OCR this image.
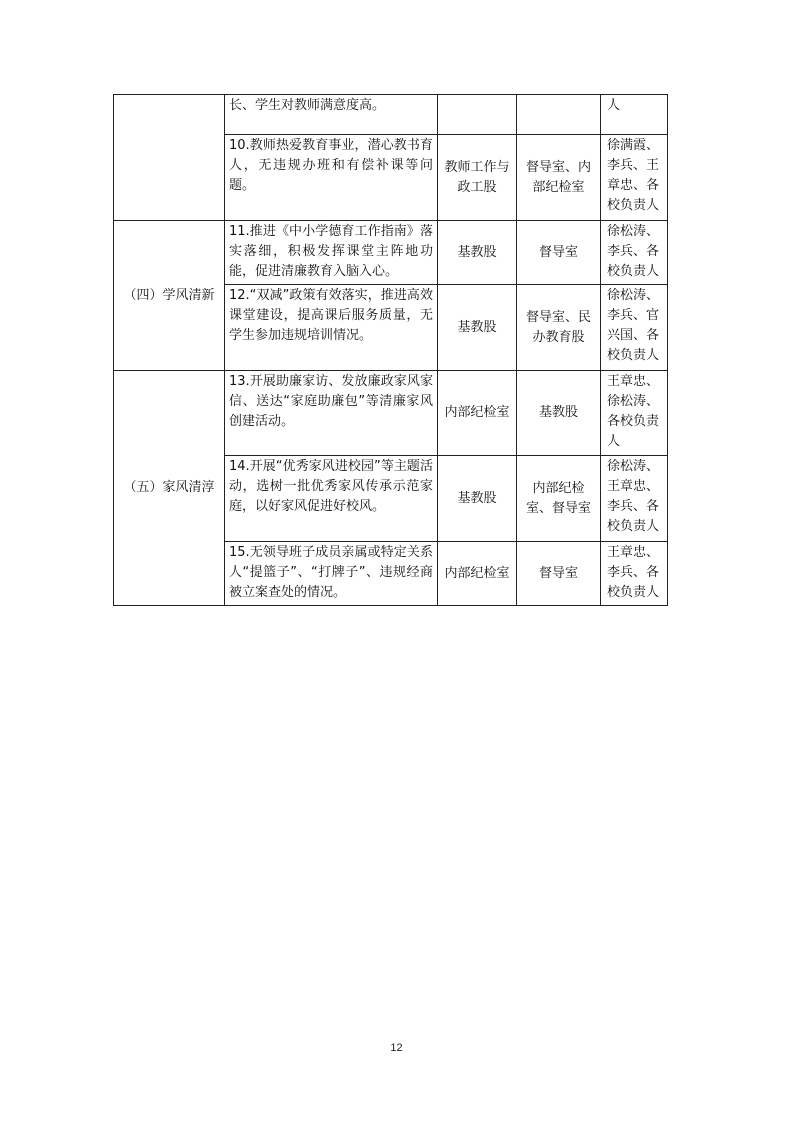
	长、学生对教师满意度高。			人
	10.教师热爱教育事业，潜心教书育人，无违规办班和有偿补课等问题。	教师工作与政工股	督导室、内部纪检室	徐满霞、李兵、王章忠、各校负责人
（四）学风清新	11.推进《中小学德育工作指南》落实落细，积极发挥课堂主阵地功能，促进清廉教育入脑入心。	基教股	督导室	徐松涛、李兵、各校负责人
	12.“双减”政策有效落实，推进高效课堂建设，提高课后服务质量，无学生参加违规培训情况。	基教股	督导室、民办教育股	徐松涛、李兵、官兴国、各校负责人
（五）家风清淳	13.开展助廉家访、发放廉政家风家信、送达“家庭助廉包”等清廉家风创建活动。	内部纪检室	基教股	王章忠、徐松涛、各校负责人
	14.开展“优秀家风进校园”等主题活动，选树一批优秀家风传承示范家庭，以好家风促进好校风。	基教股	内部纪检室、督导室	徐松涛、王章忠、李兵、各校负责人
	15.无领导班子成员亲属或特定关系人“提篮子”、“打牌子”、违规经商被立案查处的情况。	内部纪检室	督导室	王章忠、李兵、各校负责人
12
